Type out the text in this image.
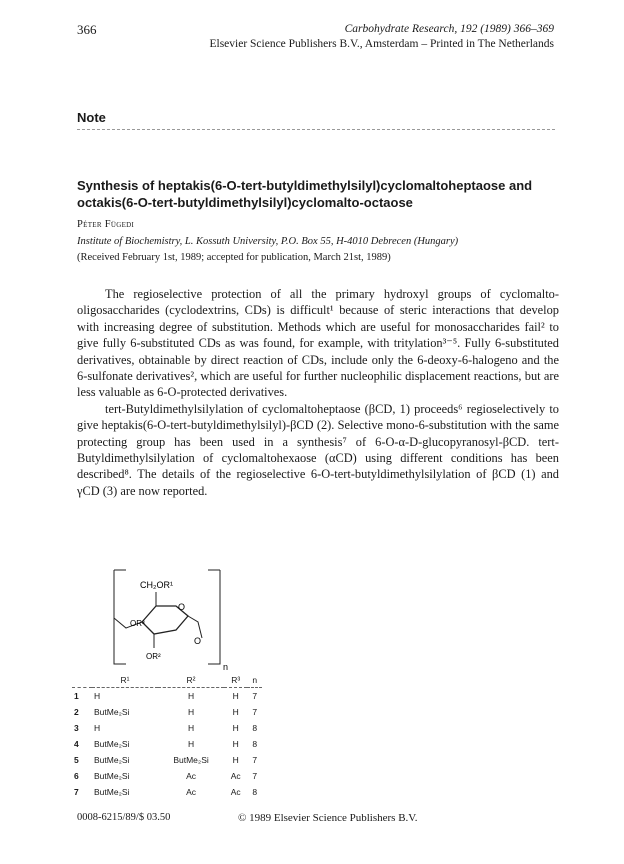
366	Carbohydrate Research, 192 (1989) 366–369
Elsevier Science Publishers B.V., Amsterdam – Printed in The Netherlands
Note
Synthesis of heptakis(6-O-tert-butyldimethylsilyl)cyclomaltoheptaose and octakis(6-O-tert-butyldimethylsilyl)cyclomalto-octaose
Péter Fügedi
Institute of Biochemistry, L. Kossuth University, P.O. Box 55, H-4010 Debrecen (Hungary)
(Received February 1st, 1989; accepted for publication, March 21st, 1989)

The regioselective protection of all the primary hydroxyl groups of cyclomalto-oligosaccharides (cyclodextrins, CDs) is difficult¹ because of steric interactions that develop with increasing degree of substitution. Methods which are useful for monosaccharides fail² to give fully 6-substituted CDs as was found, for example, with tritylation³⁻⁵. Fully 6-substituted derivatives, obtainable by direct reaction of CDs, include only the 6-deoxy-6-halogeno and the 6-sulfonate derivatives², which are useful for further nucleophilic displacement reactions, but are less valuable as 6-O-protected derivatives.

tert-Butyldimethylsilylation of cyclomaltoheptaose (βCD, 1) proceeds⁶ regioselectively to give heptakis(6-O-tert-butyldimethylsilyl)-βCD (2). Selective mono-6-substitution with the same protecting group has been used in a synthesis⁷ of 6-O-α-D-glucopyranosyl-βCD. tert-Butyldimethylsilylation of cyclomaltohexaose (αCD) using different conditions has been described⁸. The details of the regioselective 6-O-tert-butyldimethylsilylation of βCD (1) and γCD (3) are now reported.

CH₂OR¹
O
OR³
O
OR²
n
	R¹	R²	R³	n
1	H	H	H	7
2	ButMe₂Si	H	H	7
3	H	H	H	8
4	ButMe₂Si	H	H	8
5	ButMe₂Si	ButMe₂Si	H	7
6	ButMe₂Si	Ac	Ac	7
7	ButMe₂Si	Ac	Ac	8
0008-6215/89/$ 03.50	© 1989 Elsevier Science Publishers B.V.
